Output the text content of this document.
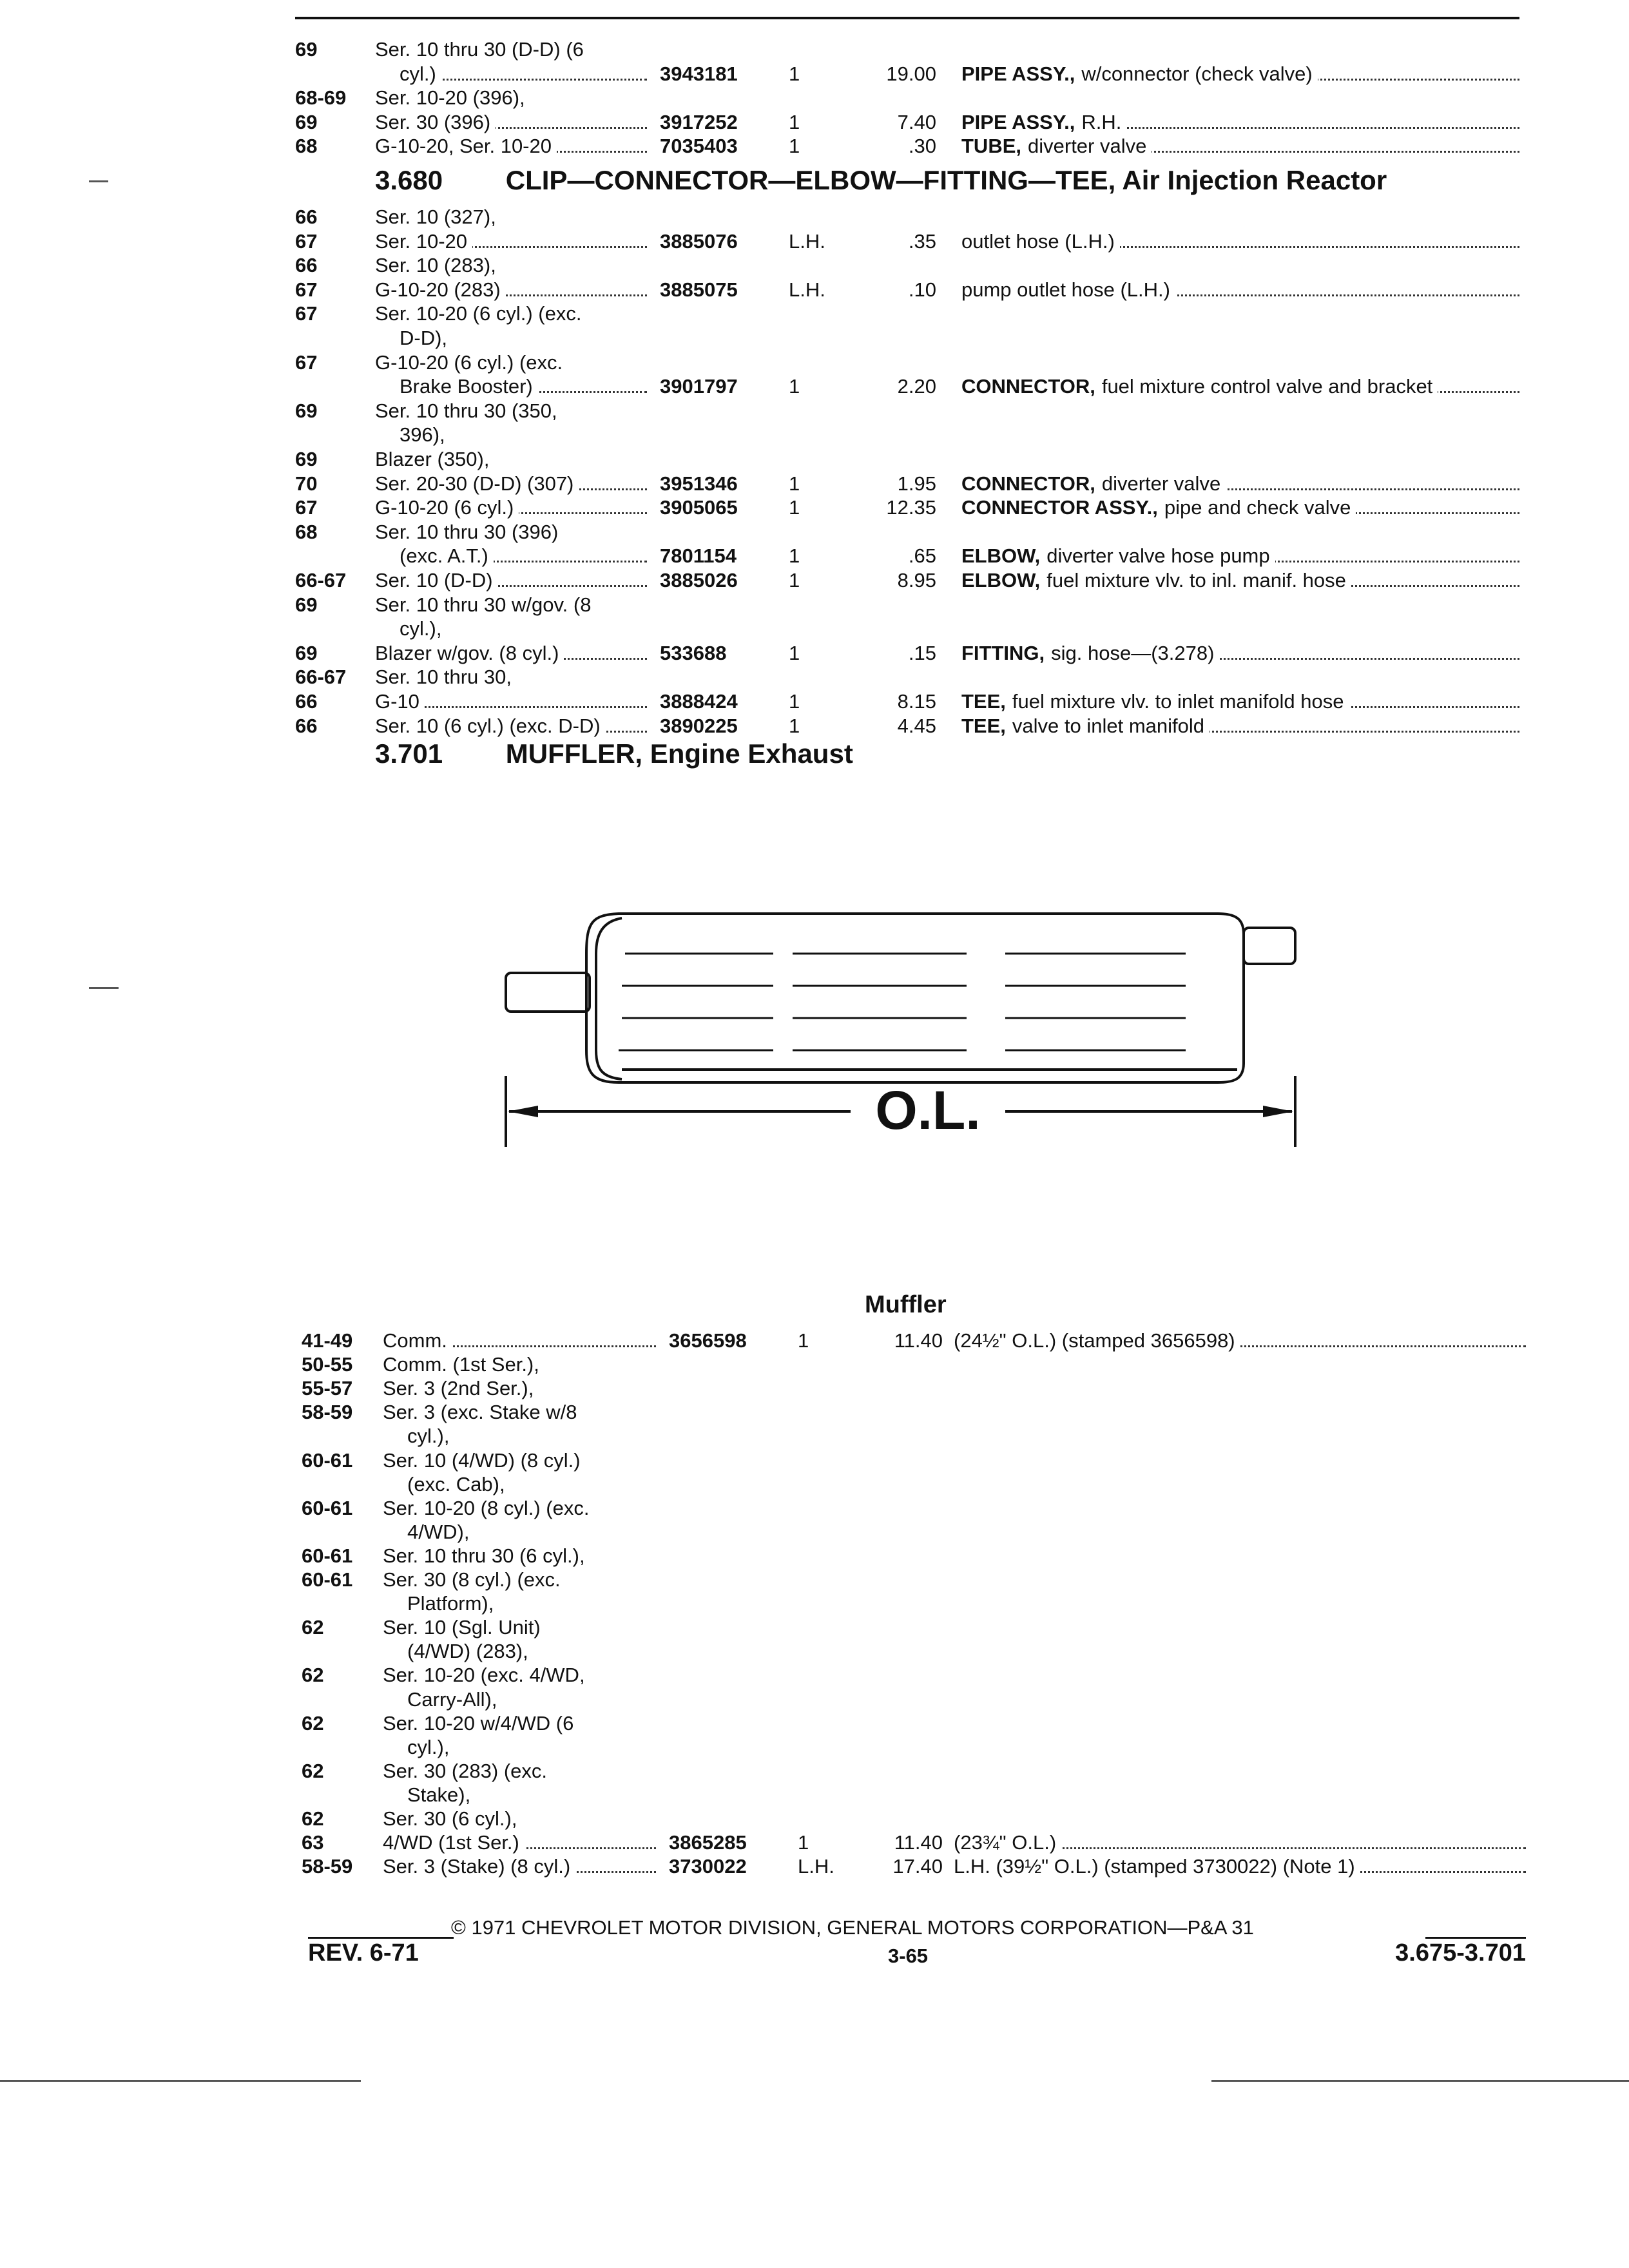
69	Ser. 10 thru 30 (D-D) (6
cyl.)	3943181	1	19.00 PIPE ASSY., w/connector (check valve)
68-69 Ser. 10-20 (396),
69	Ser. 30 (396)	3917252	1	7.40 PIPE ASSY., R.H.
68	G-10-20, Ser. 10-20	7035403	1	.30 TUBE, diverter valve
3.680 CLIP—CONNECTOR—ELBOW—FITTING—TEE, Air Injection Reactor
66	Ser. 10 (327),
67	Ser. 10-20	3885076	L.H.	.35 outlet hose (L.H.)
66	Ser. 10 (283),
67	G-10-20 (283)	3885075	L.H.	.10 pump outlet hose (L.H.)
67	Ser. 10-20 (6 cyl.) (exc.
D-D),
67	G-10-20 (6 cyl.) (exc.
Brake Booster)	3901797	1	2.20 CONNECTOR, fuel mixture control valve and bracket
69	Ser. 10 thru 30 (350,
396),
69	Blazer (350),
70	Ser. 20-30 (D-D) (307)	3951346	1	1.95 CONNECTOR, diverter valve
67	G-10-20 (6 cyl.)	3905065	1	12.35 CONNECTOR ASSY., pipe and check valve
68	Ser. 10 thru 30 (396)
(exc. A.T.)	7801154	1	.65 ELBOW, diverter valve hose pump
66-67 Ser. 10 (D-D)	3885026	1	8.95 ELBOW, fuel mixture vlv. to inl. manif. hose
69	Ser. 10 thru 30 w/gov. (8
cyl.),
69	Blazer w/gov. (8 cyl.)	533688	1	.15 FITTING, sig. hose—(3.278)
66-67 Ser. 10 thru 30,
66	G-10	3888424	1	8.15 TEE, fuel mixture vlv. to inlet manifold hose
66	Ser. 10 (6 cyl.) (exc. D-D)	3890225	1	4.45 TEE, valve to inlet manifold
3.701 MUFFLER, Engine Exhaust
O.L.
Muffler
41-49 Comm.	3656598	1	11.40 (24½" O.L.) (stamped 3656598)
50-55 Comm. (1st Ser.),
55-57 Ser. 3 (2nd Ser.),
58-59 Ser. 3 (exc. Stake w/8
cyl.),
60-61 Ser. 10 (4/WD) (8 cyl.)
(exc. Cab),
60-61 Ser. 10-20 (8 cyl.) (exc.
4/WD),
60-61 Ser. 10 thru 30 (6 cyl.),
60-61 Ser. 30 (8 cyl.) (exc.
Platform),
62	Ser. 10 (Sgl. Unit)
(4/WD) (283),
62	Ser. 10-20 (exc. 4/WD,
Carry-All),
62	Ser. 10-20 w/4/WD (6
cyl.),
62	Ser. 30 (283) (exc.
Stake),
62	Ser. 30 (6 cyl.),
63	4/WD (1st Ser.)	3865285	1	11.40 (23¾" O.L.)
58-59 Ser. 3 (Stake) (8 cyl.)	3730022	L.H.	17.40 L.H. (39½" O.L.) (stamped 3730022) (Note 1)
© 1971 CHEVROLET MOTOR DIVISION, GENERAL MOTORS CORPORATION—P&A 31
REV. 6-71	3-65	3.675-3.701
